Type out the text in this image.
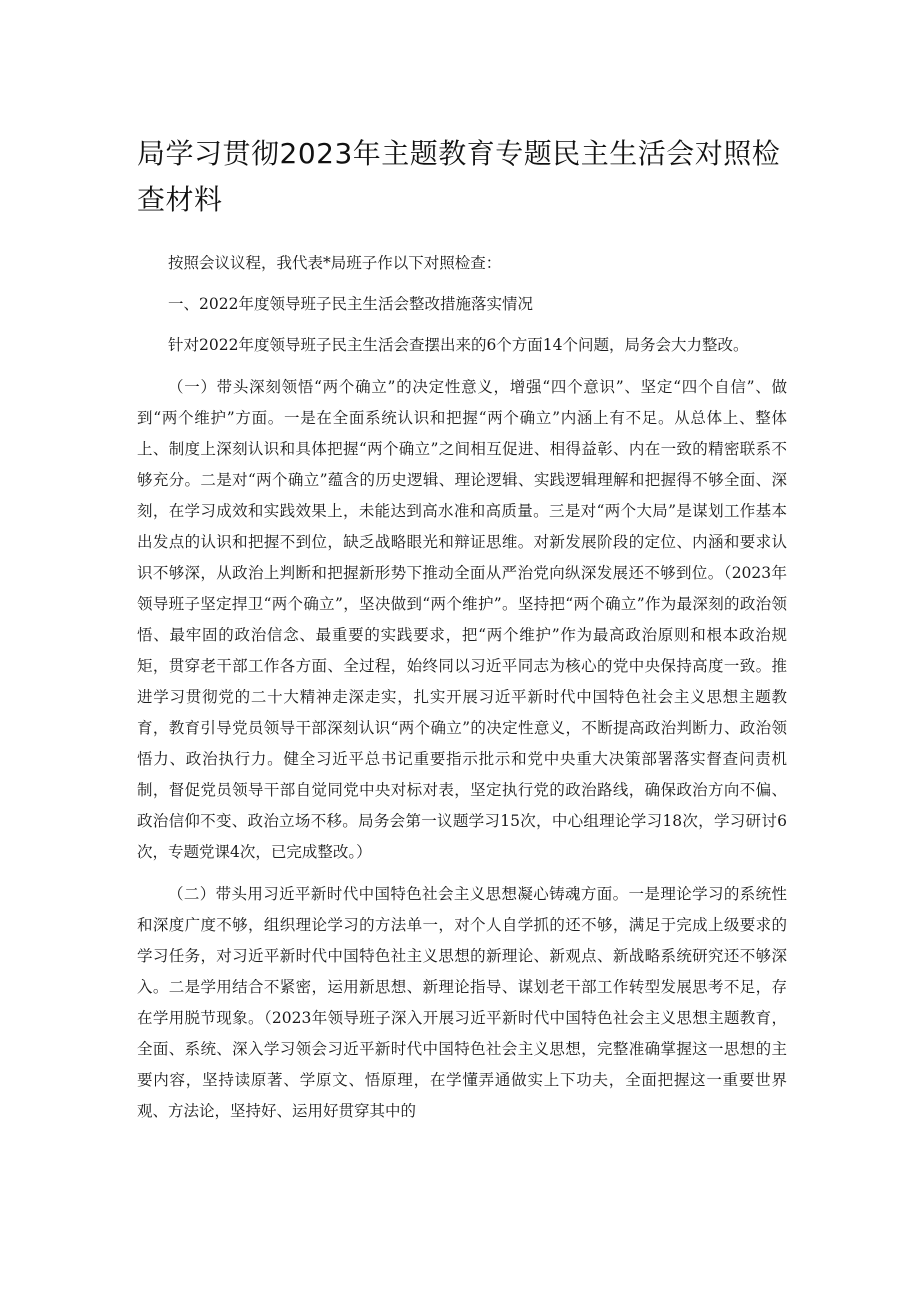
局学习贯彻2023年主题教育专题民主生活会对照检查材料

按照会议议程，我代表*局班子作以下对照检查：

一、2022年度领导班子民主生活会整改措施落实情况

针对2022年度领导班子民主生活会查摆出来的6个方面14个问题，局务会大力整改。

（一）带头深刻领悟“两个确立”的决定性意义，增强“四个意识”、坚定“四个自信”、做到“两个维护”方面。一是在全面系统认识和把握“两个确立”内涵上有不足。从总体上、整体上、制度上深刻认识和具体把握“两个确立”之间相互促进、相得益彰、内在一致的精密联系不够充分。二是对“两个确立”蕴含的历史逻辑、理论逻辑、实践逻辑理解和把握得不够全面、深刻，在学习成效和实践效果上，未能达到高水准和高质量。三是对“两个大局”是谋划工作基本出发点的认识和把握不到位，缺乏战略眼光和辩证思维。对新发展阶段的定位、内涵和要求认识不够深，从政治上判断和把握新形势下推动全面从严治党向纵深发展还不够到位。（2023年领导班子坚定捍卫“两个确立”，坚决做到“两个维护”。坚持把“两个确立”作为最深刻的政治领悟、最牢固的政治信念、最重要的实践要求，把“两个维护”作为最高政治原则和根本政治规矩，贯穿老干部工作各方面、全过程，始终同以习近平同志为核心的党中央保持高度一致。推进学习贯彻党的二十大精神走深走实，扎实开展习近平新时代中国特色社会主义思想主题教育，教育引导党员领导干部深刻认识“两个确立”的决定性意义，不断提高政治判断力、政治领悟力、政治执行力。健全习近平总书记重要指示批示和党中央重大决策部署落实督查问责机制，督促党员领导干部自觉同党中央对标对表，坚定执行党的政治路线，确保政治方向不偏、政治信仰不变、政治立场不移。局务会第一议题学习15次，中心组理论学习18次，学习研讨6次，专题党课4次，已完成整改。）

（二）带头用习近平新时代中国特色社会主义思想凝心铸魂方面。一是理论学习的系统性和深度广度不够，组织理论学习的方法单一，对个人自学抓的还不够，满足于完成上级要求的学习任务，对习近平新时代中国特色社主义思想的新理论、新观点、新战略系统研究还不够深入。二是学用结合不紧密，运用新思想、新理论指导、谋划老干部工作转型发展思考不足，存在学用脱节现象。（2023年领导班子深入开展习近平新时代中国特色社会主义思想主题教育，全面、系统、深入学习领会习近平新时代中国特色社会主义思想，完整准确掌握这一思想的主要内容，坚持读原著、学原文、悟原理，在学懂弄通做实上下功夫，全面把握这一重要世界观、方法论，坚持好、运用好贯穿其中的
